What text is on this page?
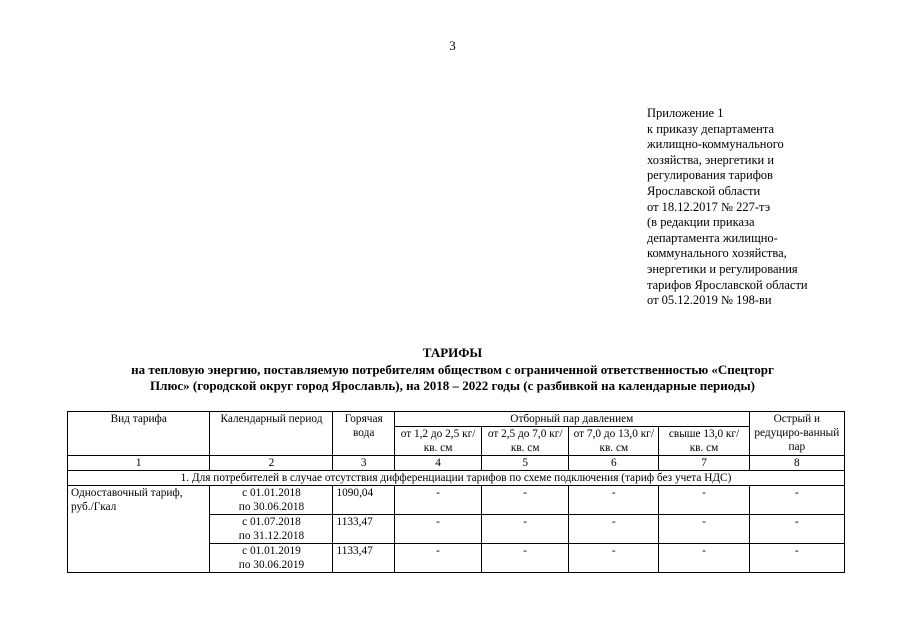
3
Приложение 1
к приказу департамента
жилищно-коммунального
хозяйства, энергетики и
регулирования тарифов
Ярославской области
от 18.12.2017 № 227-тэ
(в редакции приказа
департамента жилищно-
коммунального хозяйства,
энергетики и регулирования
тарифов Ярославской области
от 05.12.2019 № 198-ви
ТАРИФЫ
на тепловую энергию, поставляемую потребителям обществом с ограниченной ответственностью «Спецторг
Плюс» (городской округ город Ярославль), на 2018 – 2022 годы (с разбивкой на календарные периоды)
Вид тарифа	Календарный период	Горячая вода	Отборный пар давлением				Острый и редуциро-ванный пар
			от 1,2 до 2,5 кг/ кв. см	от 2,5 до 7,0 кг/ кв. см	от 7,0 до 13,0 кг/ кв. см	свыше 13,0 кг/ кв. см	
1	2	3	4	5	6	7	8
1. Для потребителей в случае отсутствия дифференциации тарифов по схеме подключения (тариф без учета НДС)							
Одноставочный тариф, руб./Гкал	с 01.01.2018
по 30.06.2018	1090,04	-	-	-	-	-

	с 01.07.2018
по 31.12.2018	1133,47	-	-	-	-	-

	с 01.01.2019
по 30.06.2019	1133,47	-	-	-	-	-
